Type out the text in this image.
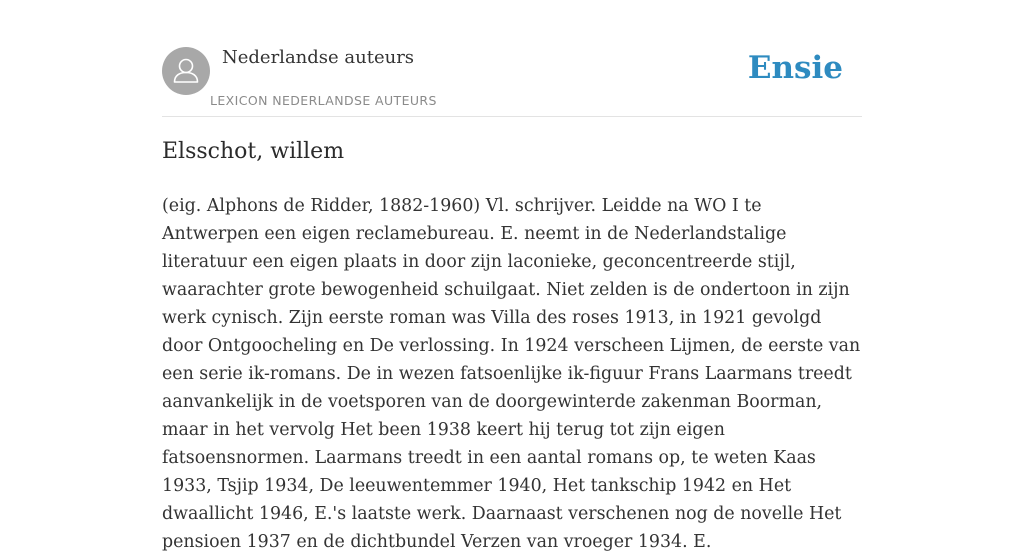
Nederlandse auteurs
LEXICON NEDERLANDSE AUTEURS
Ensie
Elsschot, willem

(eig. Alphons de Ridder, 1882-1960) Vl. schrijver. Leidde na WO I te Antwerpen een eigen reclamebureau. E. neemt in de Nederlandstalige literatuur een eigen plaats in door zijn laconieke, geconcentreerde stijl, waarachter grote bewogenheid schuilgaat. Niet zelden is de ondertoon in zijn werk cynisch. Zijn eerste roman was Villa des roses 1913, in 1921 gevolgd door Ontgoocheling en De verlossing. In 1924 verscheen Lijmen, de eerste van een serie ik-romans. De in wezen fatsoenlijke ik-figuur Frans Laarmans treedt aanvankelijk in de voetsporen van de doorgewinterde zakenman Boorman, maar in het vervolg Het been 1938 keert hij terug tot zijn eigen fatsoensnormen. Laarmans treedt in een aantal romans op, te weten Kaas 1933, Tsjip 1934, De leeuwentemmer 1940, Het tankschip 1942 en Het dwaallicht 1946, E.'s laatste werk. Daarnaast verschenen nog de novelle Het pensioen 1937 en de dichtbundel Verzen van vroeger 1934. E.
